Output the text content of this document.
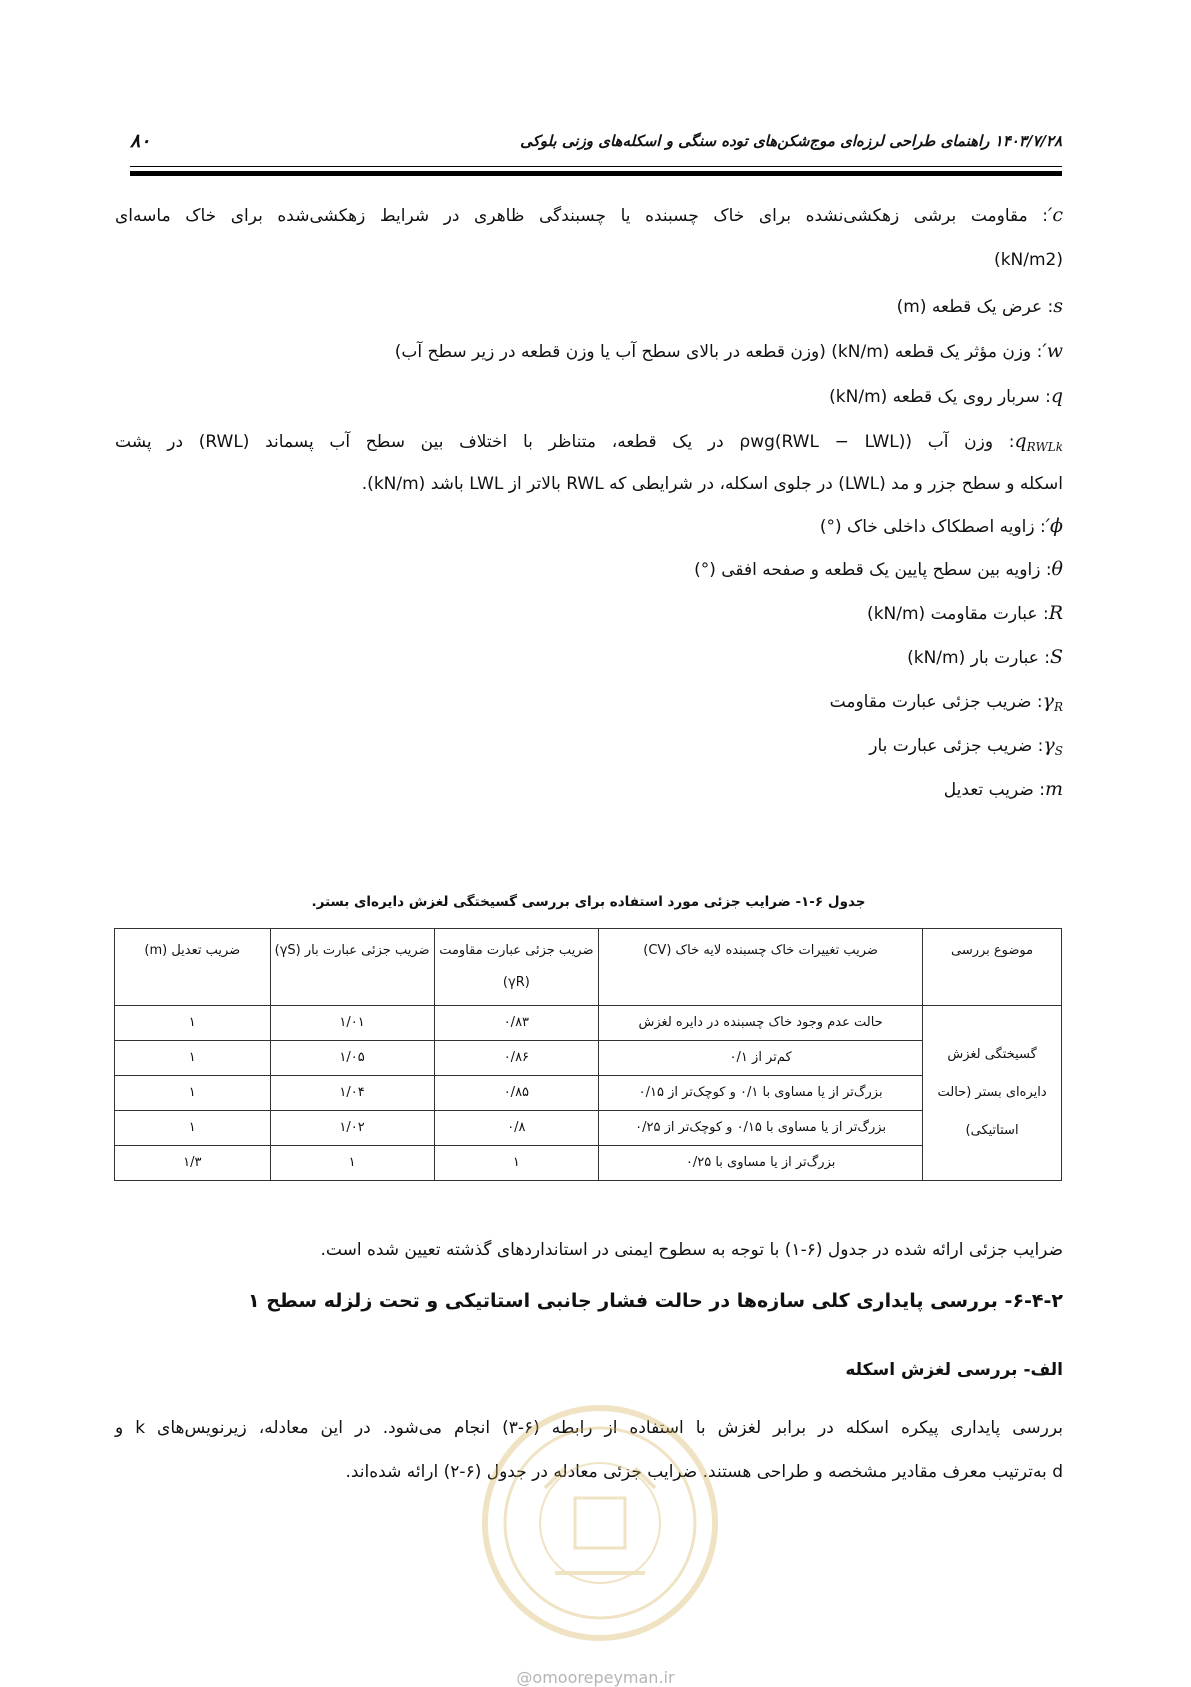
۸۰	۱۴۰۳/۷/۲۸ راهنمای طراحی لرزه‌ای موج‌شکن‌های توده سنگی و اسکله‌های وزنی بلوکی
c′: مقاومت برشی زهکشی‌نشده برای خاک چسبنده یا چسبندگی ظاهری در شرایط زهکشی‌شده برای خاک ماسه‌ای
(kN/m2)
s: عرض یک قطعه (m)
w′: وزن مؤثر یک قطعه (kN/m) (وزن قطعه در بالای سطح آب یا وزن قطعه در زیر سطح آب)
q: سربار روی یک قطعه (kN/m)
$q_{RWLk}$: وزن آب ((ρwg(RWL − LWL در یک قطعه، متناظر با اختلاف بین سطح آب پسماند (RWL) در پشت
اسکله و سطح جزر و مد (LWL) در جلوی اسکله، در شرایطی که RWL بالاتر از LWL باشد (kN/m).
ϕ′: زاویه اصطکاک داخلی خاک (°)
θ: زاویه بین سطح پایین یک قطعه و صفحه افقی (°)
R: عبارت مقاومت (kN/m)
S: عبارت بار (kN/m)
$\gamma_R$: ضریب جزئی عبارت مقاومت
$\gamma_S$: ضریب جزئی عبارت بار
m: ضریب تعدیل
جدول ۶-۱- ضرایب جزئی مورد استفاده برای بررسی گسیختگی لغزش دایره‌ای بستر.
موضوع بررسی	ضریب تغییرات خاک چسبنده لایه خاک (CV)	ضریب جزئی عبارت مقاومت (γR)	ضریب جزئی عبارت بار (γS)	ضریب تعدیل (m)
گسیختگی لغزش دایره‌ای بستر (حالت استاتیکی)	حالت عدم وجود خاک چسبنده در دایره لغزش	۰/۸۳	۱/۰۱	۱
	کم‌تر از ۰/۱	۰/۸۶	۱/۰۵	۱
	بزرگ‌تر از یا مساوی با ۰/۱ و کوچک‌تر از ۰/۱۵	۰/۸۵	۱/۰۴	۱
	بزرگ‌تر از یا مساوی با ۰/۱۵ و کوچک‌تر از ۰/۲۵	۰/۸	۱/۰۲	۱
	بزرگ‌تر از یا مساوی با ۰/۲۵	۱	۱	۱/۳
ضرایب جزئی ارائه شده در جدول (۶-۱) با توجه به سطوح ایمنی در استانداردهای گذشته تعیین شده است.
۶-۴-۲- بررسی پایداری کلی سازه‌ها در حالت فشار جانبی استاتیکی و تحت زلزله سطح ۱
الف- بررسی لغزش اسکله
بررسی پایداری پیکره اسکله در برابر لغزش با استفاده از رابطه (۶-۳) انجام می‌شود. در این معادله، زیرنویس‌های k و
d به‌ترتیب معرف مقادیر مشخصه و طراحی هستند. ضرایب جزئی معادله در جدول (۶-۲) ارائه شده‌اند.
@omoorepeyman.ir
